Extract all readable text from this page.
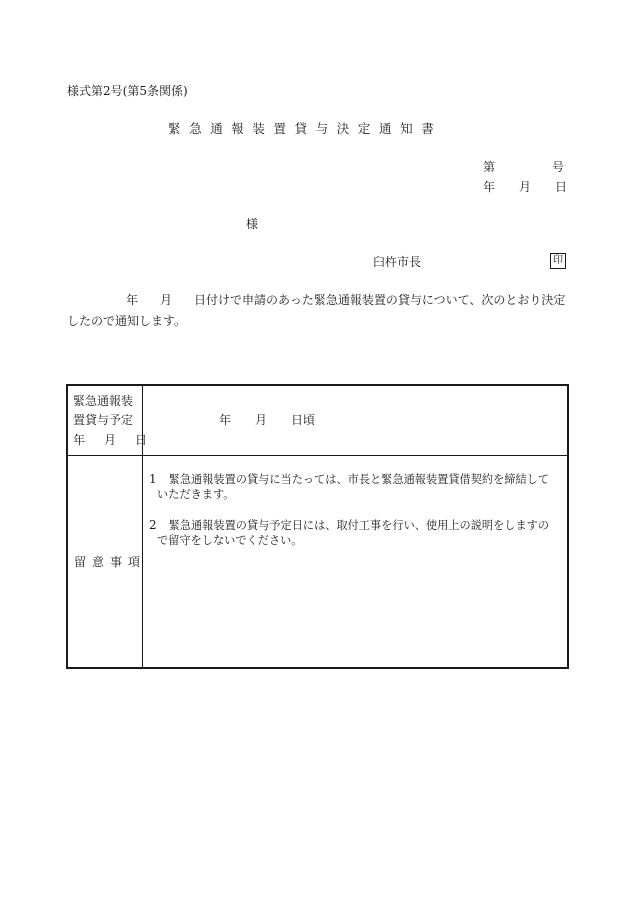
様式第2号(第5条関係)
緊急通報装置貸与決定通知書
第	号
年 月 日
様
臼杵市長	印
年 月 日付けで申請のあった緊急通報装置の貸与について、次のとおり決定
したので通知します。
緊急通報装
置貸与予定
年 月 日
年 月 日頃
留意事項
1 緊急通報装置の貸与に当たっては、市長と緊急通報装置貸借契約を締結して
いただきます。
2 緊急通報装置の貸与予定日には、取付工事を行い、使用上の説明をしますの
で留守をしないでください。
